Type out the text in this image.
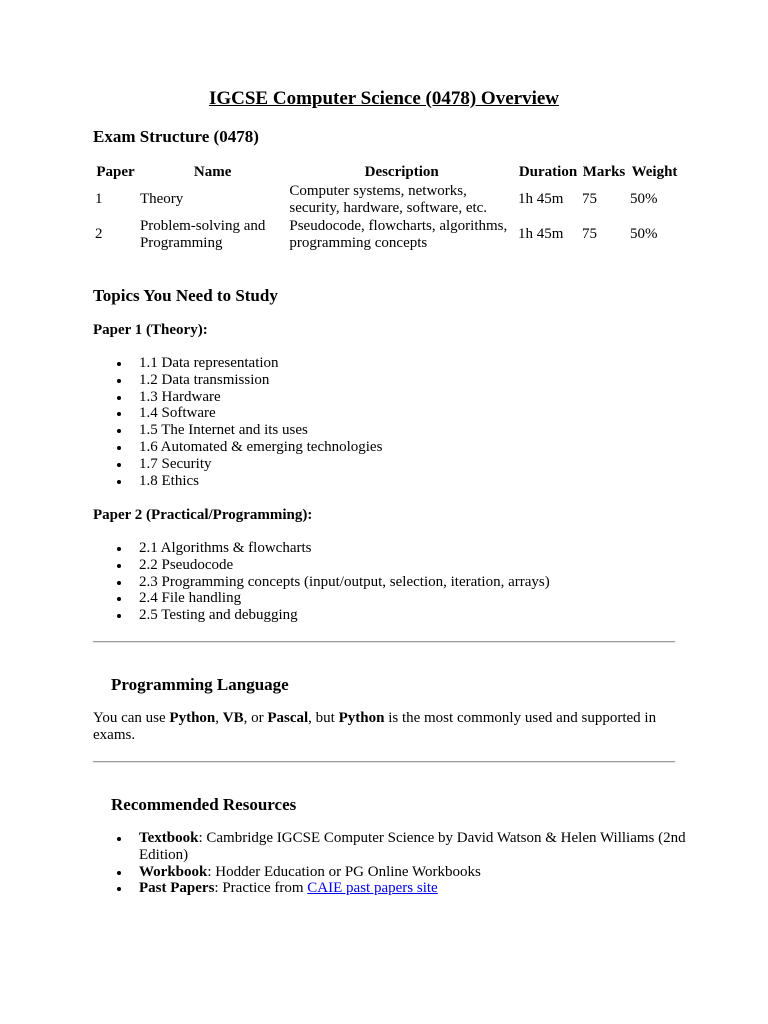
IGCSE Computer Science (0478) Overview
Exam Structure (0478)
Paper	Name	Description	Duration	Marks	Weight
1	Theory	Computer systems, networks, security, hardware, software, etc.	1h 45m	75	50%
2	Problem-solving and Programming	Pseudocode, flowcharts, algorithms, programming concepts	1h 45m	75	50%
Topics You Need to Study
Paper 1 (Theory):
1.1 Data representation
1.2 Data transmission
1.3 Hardware
1.4 Software
1.5 The Internet and its uses
1.6 Automated & emerging technologies
1.7 Security
1.8 Ethics
Paper 2 (Practical/Programming):
2.1 Algorithms & flowcharts
2.2 Pseudocode
2.3 Programming concepts (input/output, selection, iteration, arrays)
2.4 File handling
2.5 Testing and debugging
Programming Language

You can use Python, VB, or Pascal, but Python is the most commonly used and supported in exams.

Recommended Resources
Textbook: Cambridge IGCSE Computer Science by David Watson & Helen Williams (2nd Edition)
Workbook: Hodder Education or PG Online Workbooks
Past Papers: Practice from CAIE past papers site
